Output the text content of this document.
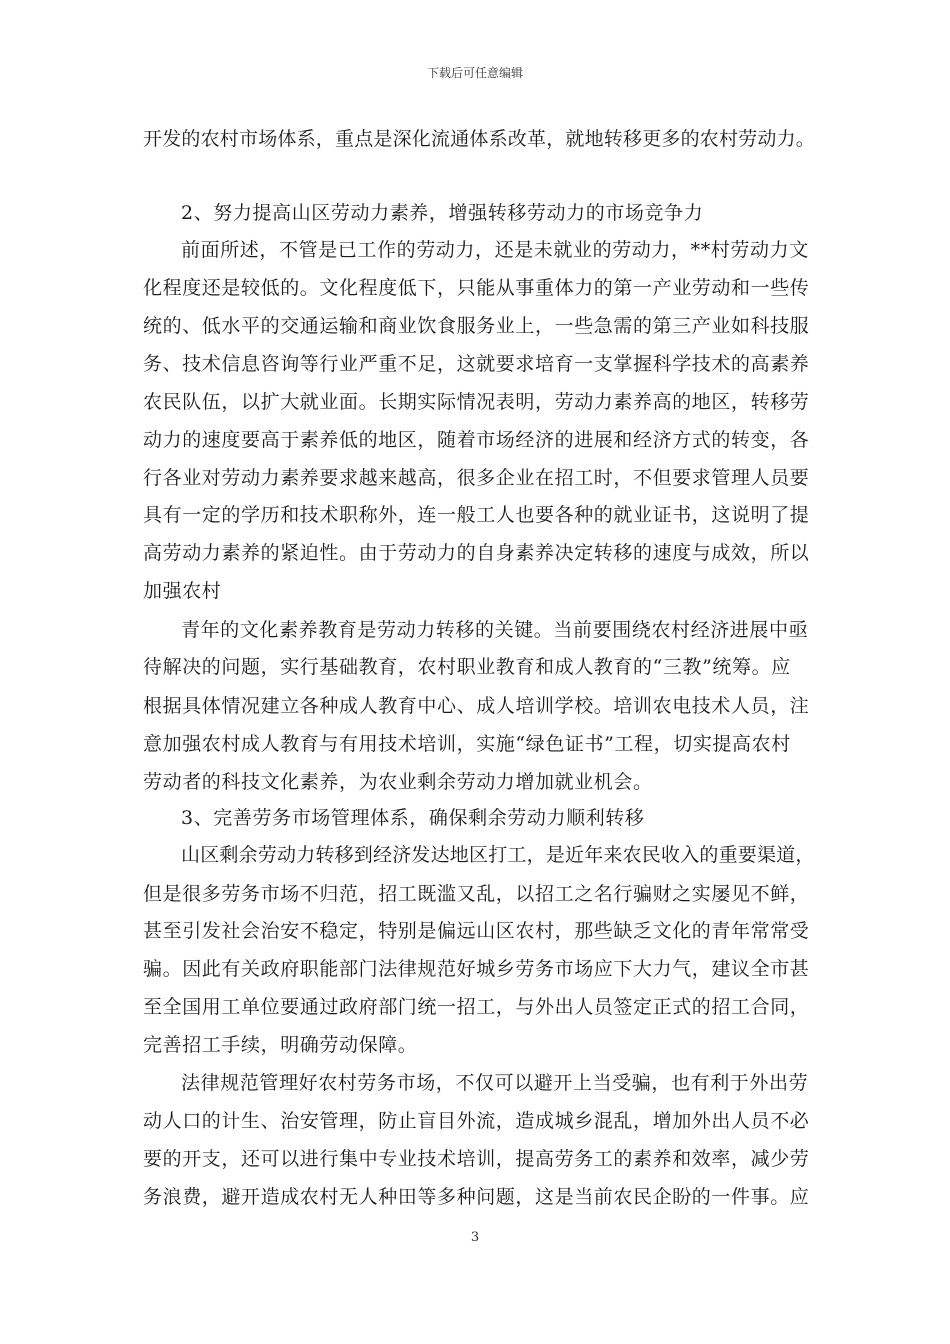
下载后可任意编辑
开发的农村市场体系，重点是深化流通体系改革，就地转移更多的农村劳动力。
2、努力提高山区劳动力素养，增强转移劳动力的市场竞争力
前面所述，不管是已工作的劳动力，还是未就业的劳动力，**村劳动力文
化程度还是较低的。文化程度低下，只能从事重体力的第一产业劳动和一些传
统的、低水平的交通运输和商业饮食服务业上，一些急需的第三产业如科技服
务、技术信息咨询等行业严重不足，这就要求培育一支掌握科学技术的高素养
农民队伍，以扩大就业面。长期实际情况表明，劳动力素养高的地区，转移劳
动力的速度要高于素养低的地区，随着市场经济的进展和经济方式的转变，各
行各业对劳动力素养要求越来越高，很多企业在招工时，不但要求管理人员要
具有一定的学历和技术职称外，连一般工人也要各种的就业证书，这说明了提
高劳动力素养的紧迫性。由于劳动力的自身素养决定转移的速度与成效，所以
加强农村
青年的文化素养教育是劳动力转移的关键。当前要围绕农村经济进展中亟
待解决的问题，实行基础教育，农村职业教育和成人教育的“三教”统筹。应
根据具体情况建立各种成人教育中心、成人培训学校。培训农电技术人员，注
意加强农村成人教育与有用技术培训，实施“绿色证书”工程，切实提高农村
劳动者的科技文化素养，为农业剩余劳动力增加就业机会。
3、完善劳务市场管理体系，确保剩余劳动力顺利转移
山区剩余劳动力转移到经济发达地区打工，是近年来农民收入的重要渠道，
但是很多劳务市场不归范，招工既滥又乱，以招工之名行骗财之实屡见不鲜，
甚至引发社会治安不稳定，特别是偏远山区农村，那些缺乏文化的青年常常受
骗。因此有关政府职能部门法律规范好城乡劳务市场应下大力气，建议全市甚
至全国用工单位要通过政府部门统一招工，与外出人员签定正式的招工合同，
完善招工手续，明确劳动保障。
法律规范管理好农村劳务市场，不仅可以避开上当受骗，也有利于外出劳
动人口的计生、治安管理，防止盲目外流，造成城乡混乱，增加外出人员不必
要的开支，还可以进行集中专业技术培训，提高劳务工的素养和效率，减少劳
务浪费，避开造成农村无人种田等多种问题，这是当前农民企盼的一件事。应
3
